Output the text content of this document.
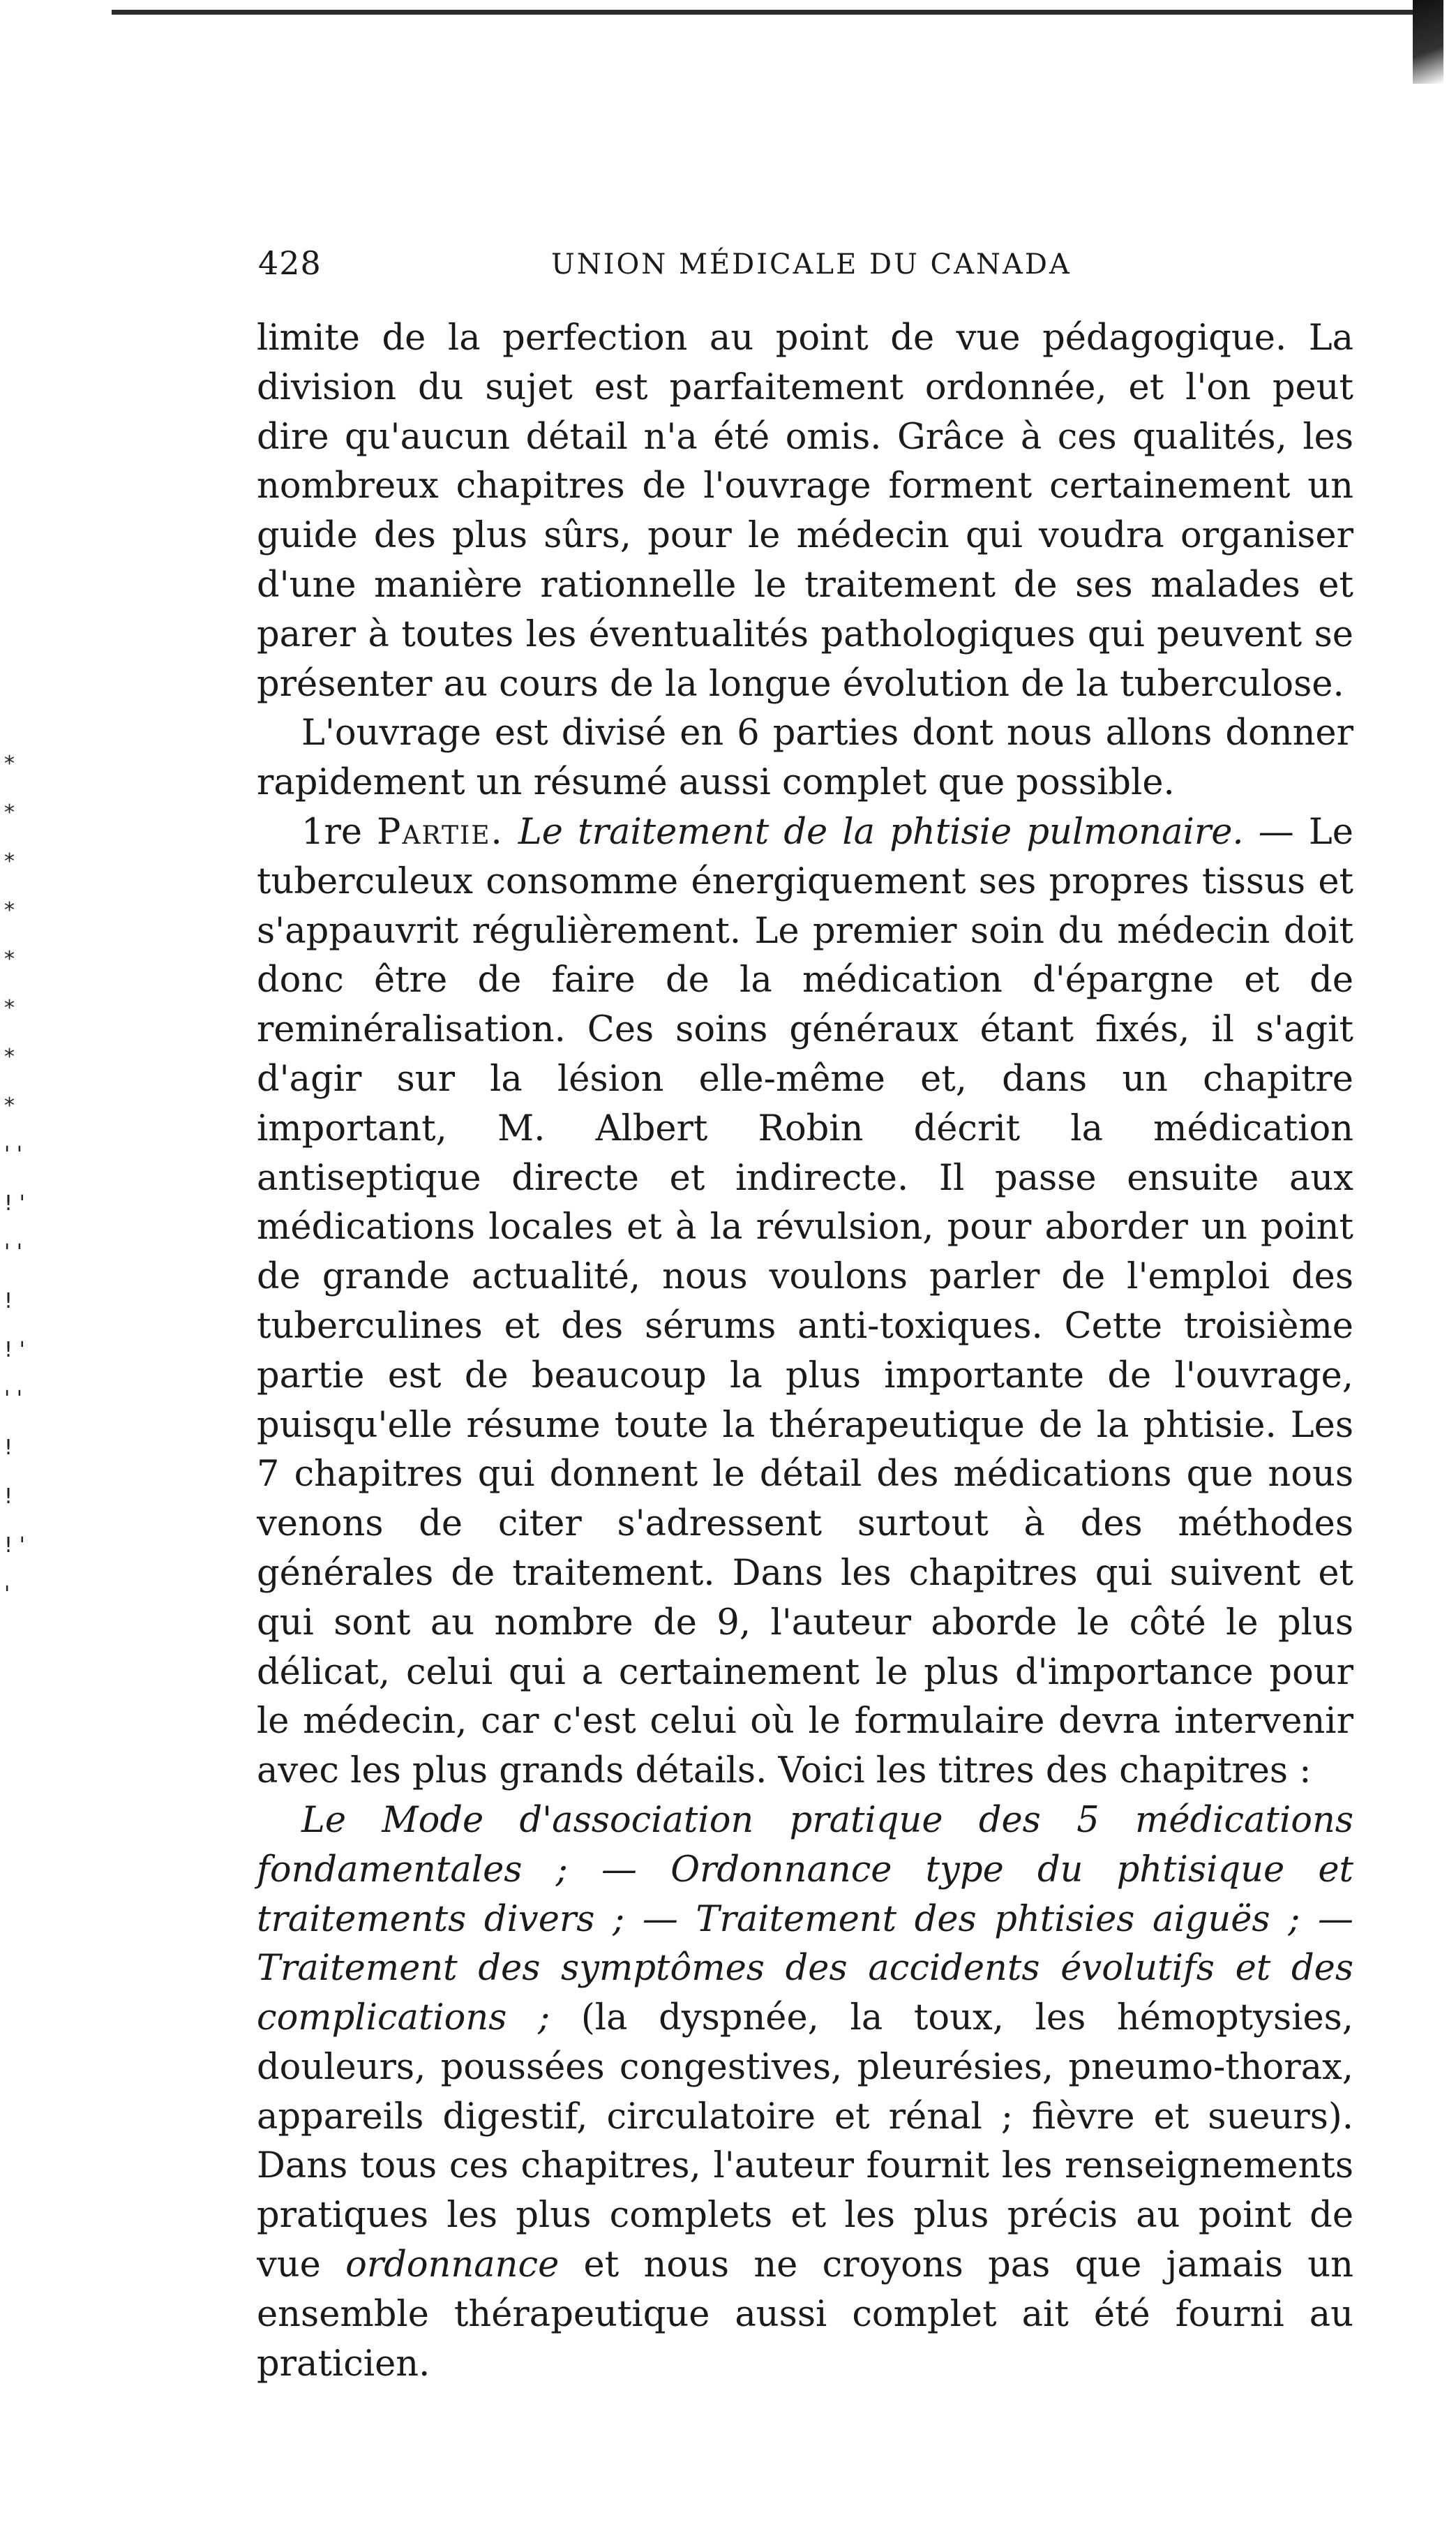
* * * * * * * * ' ' ! ' ' ' ! ! ' ' ' ! ! ! ' '
428	UNION MÉDICALE DU CANADA

limite de la perfection au point de vue pédagogique. La division du sujet est parfaitement ordonnée, et l'on peut dire qu'aucun détail n'a été omis. Grâce à ces qualités, les nombreux chapitres de l'ouvrage forment certainement un guide des plus sûrs, pour le médecin qui voudra organiser d'une manière rationnelle le traitement de ses malades et parer à toutes les éventualités pathologiques qui peuvent se présenter au cours de la longue évolution de la tuberculose.

L'ouvrage est divisé en 6 parties dont nous allons donner rapidement un résumé aussi complet que possible.

1re Partie. Le traitement de la phtisie pulmonaire. — Le tuberculeux consomme énergiquement ses propres tissus et s'appauvrit régulièrement. Le premier soin du médecin doit donc être de faire de la médication d'épargne et de reminéralisation. Ces soins généraux étant fixés, il s'agit d'agir sur la lésion elle-même et, dans un chapitre important, M. Albert Robin décrit la médication antiseptique directe et indirecte. Il passe ensuite aux médications locales et à la révulsion, pour aborder un point de grande actualité, nous voulons parler de l'emploi des tuberculines et des sérums anti-toxiques. Cette troisième partie est de beaucoup la plus importante de l'ouvrage, puisqu'elle résume toute la thérapeutique de la phtisie. Les 7 chapitres qui donnent le détail des médications que nous venons de citer s'adressent surtout à des méthodes générales de traitement. Dans les chapitres qui suivent et qui sont au nombre de 9, l'auteur aborde le côté le plus délicat, celui qui a certainement le plus d'importance pour le médecin, car c'est celui où le formulaire devra intervenir avec les plus grands détails. Voici les titres des chapitres :

Le Mode d'association pratique des 5 médications fondamentales ; — Ordonnance type du phtisique et traitements divers ; — Traitement des phtisies aiguës ; — Traitement des symptômes des accidents évolutifs et des complications ; (la dyspnée, la toux, les hémoptysies, douleurs, poussées congestives, pleurésies, pneumo-thorax, appareils digestif, circulatoire et rénal ; fièvre et sueurs). Dans tous ces chapitres, l'auteur fournit les renseignements pratiques les plus complets et les plus précis au point de vue ordonnance et nous ne croyons pas que jamais un ensemble thérapeutique aussi complet ait été fourni au praticien.
